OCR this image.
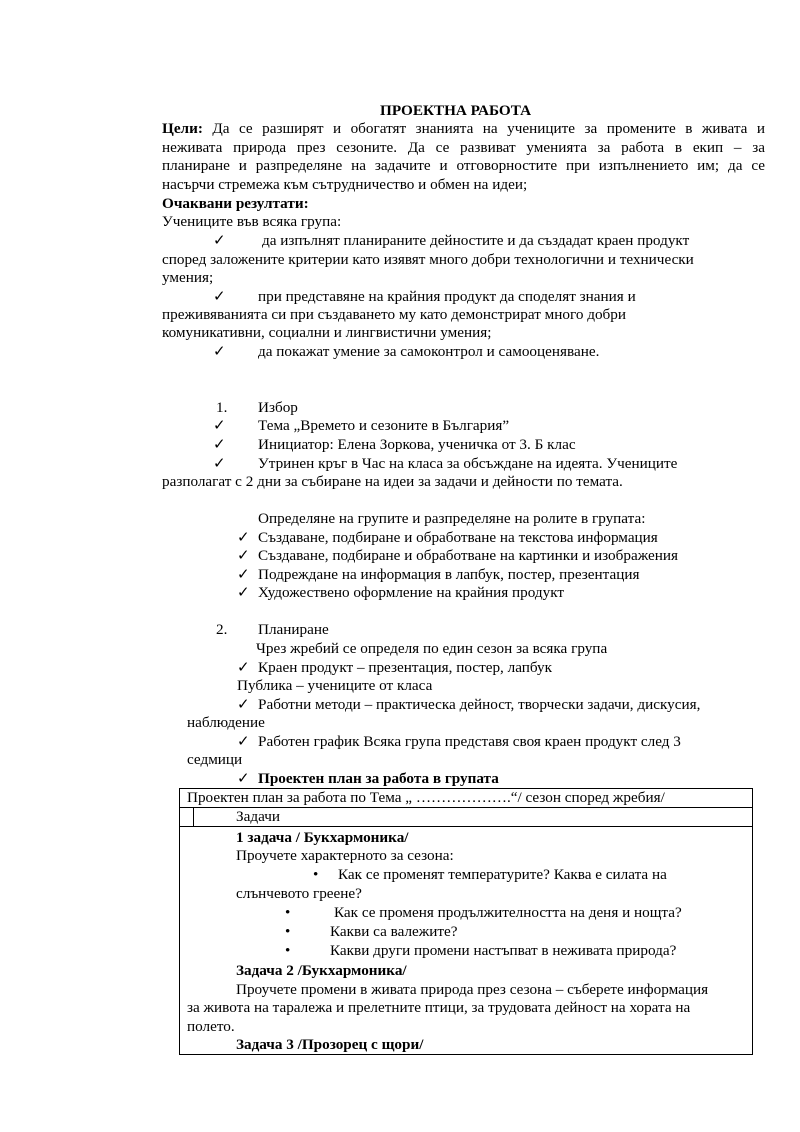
ПРОЕКТНА РАБОТА
Цели: Да се разширят и обогатят знанията на учениците за промените в живата и
неживата природа през сезоните. Да се развиват уменията за работа в екип – за
планиране и разпределяне на задачите и отговорностите при изпълнението им; да се
насърчи стремежа към сътрудничество и обмен на идеи;
Очаквани резултати:
Учениците във всяка група:
✓ да изпълнят планираните дейностите и да създадат краен продукт
според заложените критерии като изявят много добри технологични и технически
умения;
✓ при представяне на крайния продукт да споделят знания и
преживяванията си при създаването му като демонстрират много добри
комуникативни, социални и лингвистични умения;
✓ да покажат умение за самоконтрол и самооценяване.
1. Избор
✓ Тема „Времето и сезоните в България”
✓ Инициатор: Елена Зоркова, ученичка от 3. Б клас
✓ Утринен кръг в Час на класа за обсъждане на идеята. Учениците
разполагат с 2 дни за събиране на идеи за задачи и дейности по темата.
Определяне на групите и разпределяне на ролите в групата:
✓ Създаване, подбиране и обработване на текстова информация
✓ Създаване, подбиране и обработване на картинки и изображения
✓ Подреждане на информация в лапбук, постер, презентация
✓ Художествено оформление на крайния продукт
2. Планиране
Чрез жребий се определя по един сезон за всяка група
✓ Краен продукт – презентация, постер, лапбук
Публика – учениците от класа
✓ Работни методи – практическа дейност, творчески задачи, дискусия,
наблюдение
✓ Работен график Всяка група представя своя краен продукт след 3
седмици
✓ Проектен план за работа в групата
Проектен план за работа по Тема „ ……………….“/ сезон според жребия/
Задачи
1 задача / Букхармоника/
Проучете характерното за сезона:
• Как се променят температурите? Каква е силата на
слънчевото греене?
•	Как се променя продължителността на деня и нощта?
•	Какви са валежите?
•	Какви други промени настъпват в неживата природа?
Задача 2 /Букхармоника/
Проучете промени в живата природа през сезона – съберете информация
за живота на таралежа и прелетните птици, за трудовата дейност на хората на
полето.
Задача 3 /Прозорец с щори/
